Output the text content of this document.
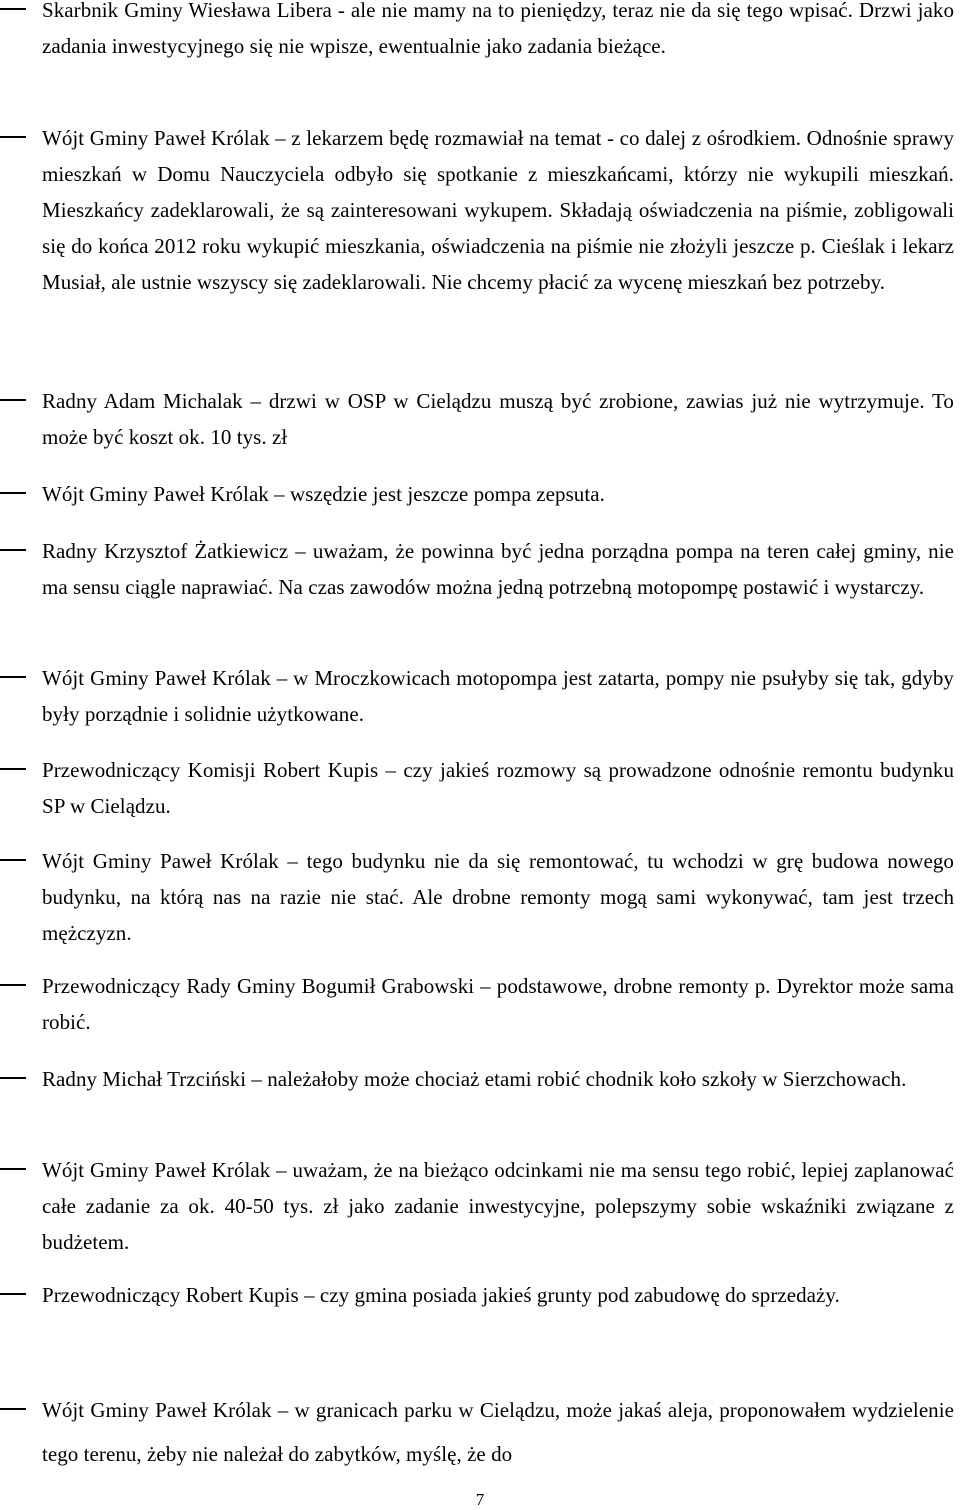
Skarbnik Gminy Wiesława Libera - ale nie mamy na to pieniędzy, teraz nie da się tego wpisać. Drzwi jako zadania inwestycyjnego się nie wpisze, ewentualnie jako zadania bieżące.
Wójt Gminy Paweł Królak – z lekarzem będę rozmawiał na temat - co dalej z ośrodkiem. Odnośnie sprawy mieszkań w Domu Nauczyciela odbyło się spotkanie z mieszkańcami, którzy nie wykupili mieszkań. Mieszkańcy zadeklarowali, że są zainteresowani wykupem. Składają oświadczenia na piśmie, zobligowali się do końca 2012 roku wykupić mieszkania, oświadczenia na piśmie nie złożyli jeszcze p. Cieślak i lekarz Musiał, ale ustnie wszyscy się zadeklarowali. Nie chcemy płacić za wycenę mieszkań bez potrzeby.
Radny Adam Michalak – drzwi w OSP w Cielądzu muszą być zrobione, zawias już nie wytrzymuje. To może być koszt ok. 10 tys. zł
Wójt Gminy Paweł Królak – wszędzie jest jeszcze pompa zepsuta.
Radny Krzysztof Żatkiewicz – uważam, że powinna być jedna porządna pompa na teren całej gminy, nie ma sensu ciągle naprawiać. Na czas zawodów można jedną potrzebną motopompę postawić i wystarczy.
Wójt Gminy Paweł Królak – w Mroczkowicach motopompa jest zatarta, pompy nie psułyby się tak, gdyby były porządnie i solidnie użytkowane.
Przewodniczący Komisji Robert Kupis – czy jakieś rozmowy są prowadzone odnośnie remontu budynku SP w Cielądzu.
Wójt Gminy Paweł Królak – tego budynku nie da się remontować, tu wchodzi w grę budowa nowego budynku, na którą nas na razie nie stać. Ale drobne remonty mogą sami wykonywać, tam jest trzech mężczyzn.
Przewodniczący Rady Gminy Bogumił Grabowski – podstawowe, drobne remonty p. Dyrektor może sama robić.
Radny Michał Trzciński – należałoby może chociaż etami robić chodnik koło szkoły w Sierzchowach.
Wójt Gminy Paweł Królak – uważam, że na bieżąco odcinkami nie ma sensu tego robić, lepiej zaplanować całe zadanie za ok. 40-50 tys. zł jako zadanie inwestycyjne, polepszymy sobie wskaźniki związane z budżetem.
Przewodniczący Robert Kupis – czy gmina posiada jakieś grunty pod zabudowę do sprzedaży.
Wójt Gminy Paweł Królak – w granicach parku w Cielądzu, może jakaś aleja, proponowałem wydzielenie tego terenu, żeby nie należał do zabytków, myślę, że do
7
